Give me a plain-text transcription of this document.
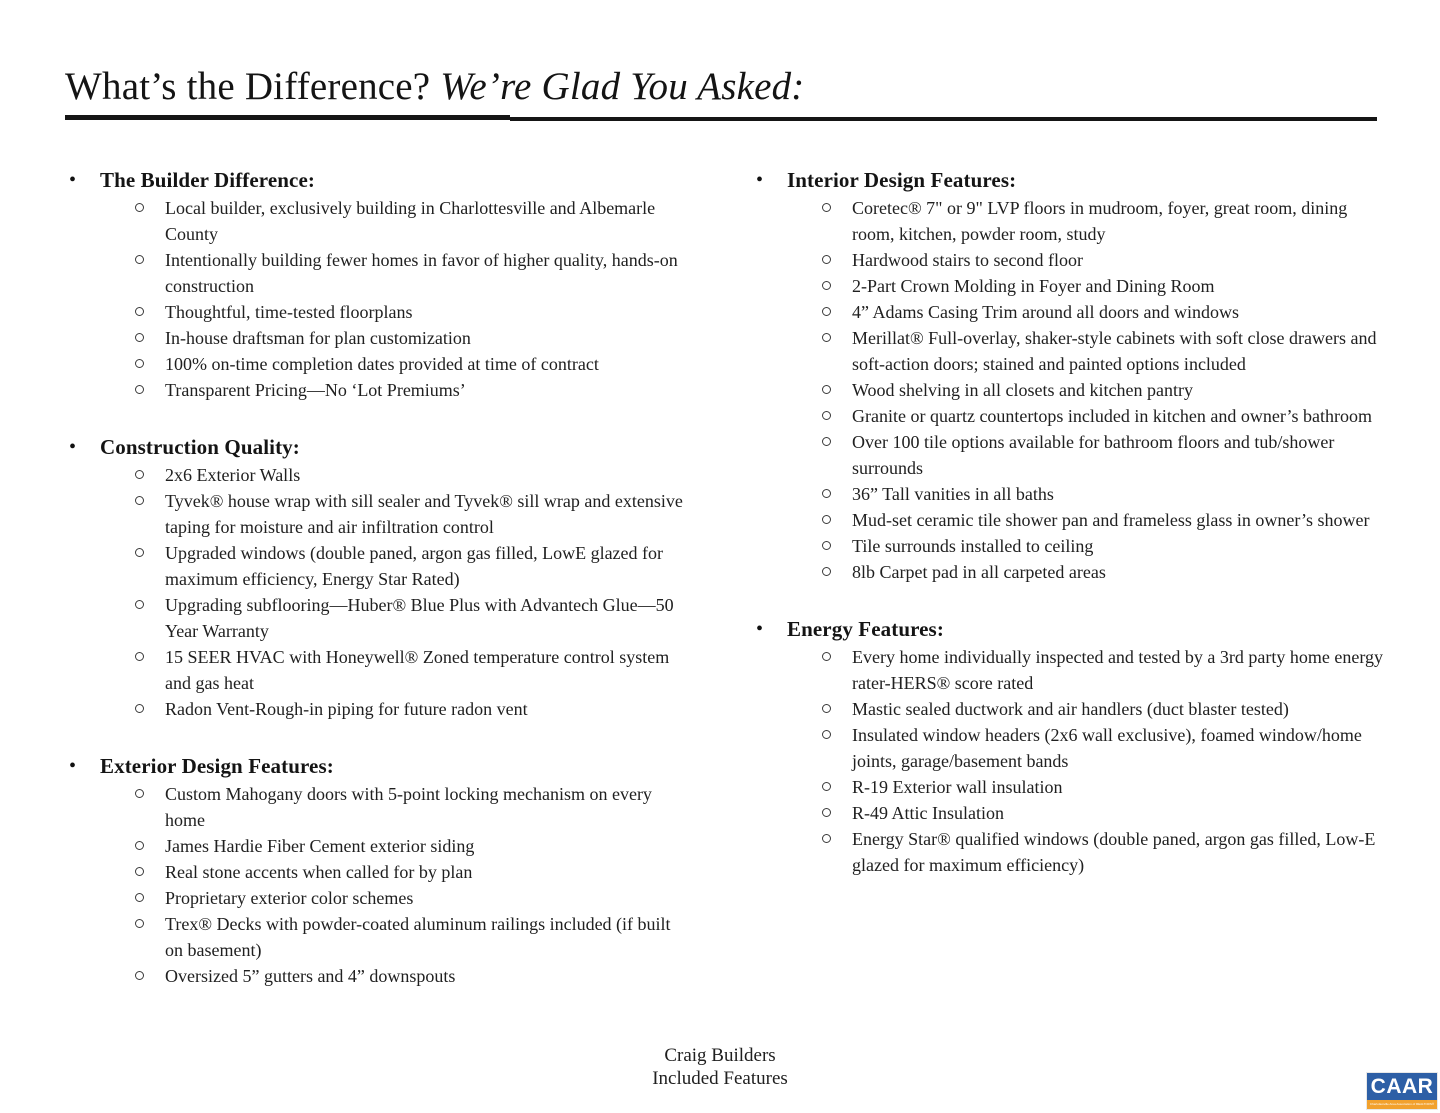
What’s the Difference? We’re Glad You Asked:
•	The Builder Difference:
Local builder, exclusively building in Charlottesville and Albemarle County
Intentionally building fewer homes in favor of higher quality, hands-on construction
Thoughtful, time-tested floorplans
In-house draftsman for plan customization
100% on-time completion dates provided at time of contract
Transparent Pricing—No ‘Lot Premiums’
•	Construction Quality:
2x6 Exterior Walls
Tyvek® house wrap with sill sealer and Tyvek® sill wrap and extensive taping for moisture and air infiltration control
Upgraded windows (double paned, argon gas filled, LowE glazed for maximum efficiency, Energy Star Rated)
Upgrading subflooring—Huber® Blue Plus with Advantech Glue—50 Year Warranty
15 SEER HVAC with Honeywell® Zoned temperature control system and gas heat
Radon Vent-Rough-in piping for future radon vent
•	Exterior Design Features:
Custom Mahogany doors with 5-point locking mechanism on every home
James Hardie Fiber Cement exterior siding
Real stone accents when called for by plan
Proprietary exterior color schemes
Trex® Decks with powder-coated aluminum railings included (if built on basement)
Oversized 5” gutters and 4” downspouts
•	Interior Design Features:
Coretec® 7" or 9" LVP floors in mudroom, foyer, great room, dining room, kitchen, powder room, study
Hardwood stairs to second floor
2-Part Crown Molding in Foyer and Dining Room
4” Adams Casing Trim around all doors and windows
Merillat® Full-overlay, shaker-style cabinets with soft close drawers and soft-action doors; stained and painted options included
Wood shelving in all closets and kitchen pantry
Granite or quartz countertops included in kitchen and owner’s bathroom
Over 100 tile options available for bathroom floors and tub/shower surrounds
36” Tall vanities in all baths
Mud-set ceramic tile shower pan and frameless glass in owner’s shower
Tile surrounds installed to ceiling
8lb Carpet pad in all carpeted areas
•	Energy Features:
Every home individually inspected and tested by a 3rd party home energy rater-HERS® score rated
Mastic sealed ductwork and air handlers (duct blaster tested)
Insulated window headers (2x6 wall exclusive), foamed window/home joints, garage/basement bands
R-19 Exterior wall insulation
R-49 Attic Insulation
Energy Star® qualified windows (double paned, argon gas filled, Low-E glazed for maximum efficiency)
Craig Builders
Included Features	CAAR
Charlottesville Area Association of REALTORS®
